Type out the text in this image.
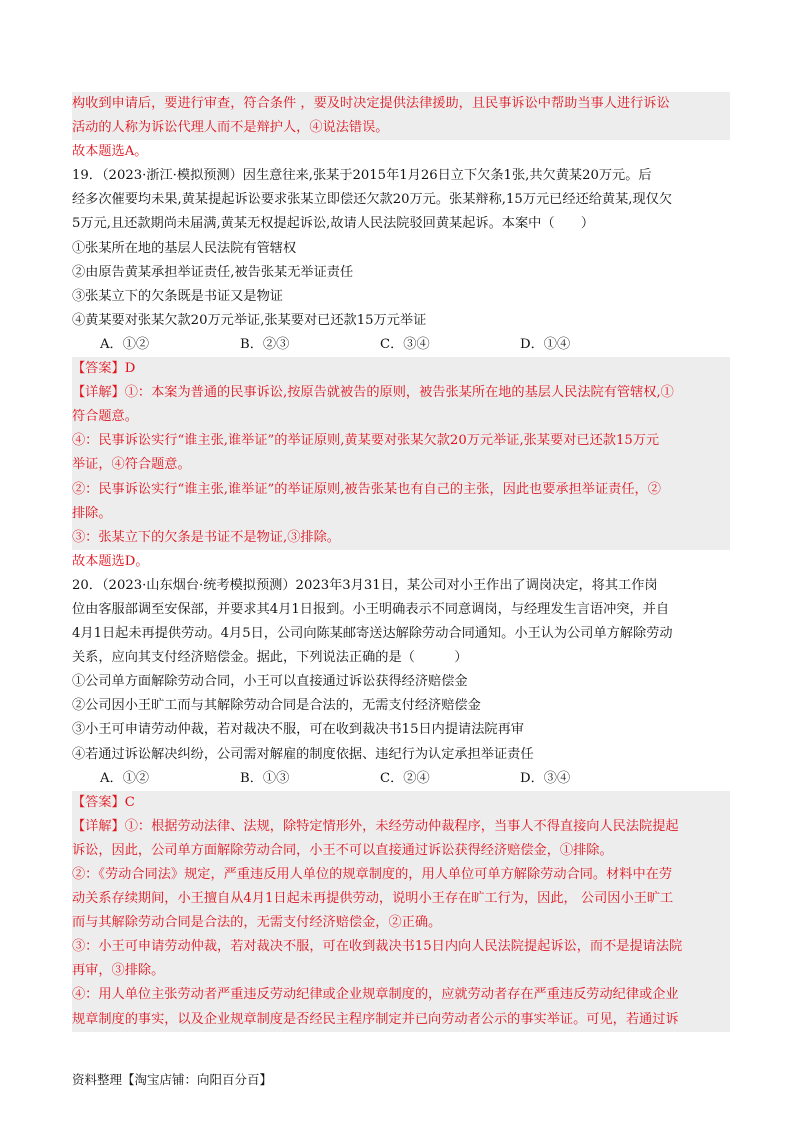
构收到申请后，要进行审查，符合条件 ，要及时决定提供法律援助，且民事诉讼中帮助当事人进行诉讼
活动的人称为诉讼代理人而不是辩护人，④说法错误。
故本题选A。
19．（2023·浙江·模拟预测）因生意往来,张某于2015年1月26日立下欠条1张,共欠黄某20万元。后
经多次催要均未果,黄某提起诉讼要求张某立即偿还欠款20万元。张某辩称,15万元已经还给黄某,现仅欠
5万元,且还款期尚未届满,黄某无权提起诉讼,故请人民法院驳回黄某起诉。本案中（　　）
①张某所在地的基层人民法院有管辖权
②由原告黄某承担举证责任,被告张某无举证责任
③张某立下的欠条既是书证又是物证
④黄某要对张某欠款20万元举证,张某要对已还款15万元举证
A．①②	B．②③	C．③④	D．①④
【答案】D
【详解】①：本案为普通的民事诉讼,按原告就被告的原则，被告张某所在地的基层人民法院有管辖权,①
符合题意。
④：民事诉讼实行“谁主张,谁举证”的举证原则,黄某要对张某欠款20万元举证,张某要对已还款15万元
举证，④符合题意。
②：民事诉讼实行“谁主张,谁举证”的举证原则,被告张某也有自己的主张，因此也要承担举证责任，②
排除。
③：张某立下的欠条是书证不是物证,③排除。
故本题选D。
20．（2023·山东烟台·统考模拟预测）2023年3月31日，某公司对小王作出了调岗决定，将其工作岗
位由客服部调至安保部，并要求其4月1日报到。小王明确表示不同意调岗，与经理发生言语冲突，并自
4月1日起未再提供劳动。4月5日，公司向陈某邮寄送达解除劳动合同通知。小王认为公司单方解除劳动
关系，应向其支付经济赔偿金。据此，下列说法正确的是（　　　）
①公司单方面解除劳动合同，小王可以直接通过诉讼获得经济赔偿金
②公司因小王旷工而与其解除劳动合同是合法的，无需支付经济赔偿金
③小王可申请劳动仲裁，若对裁决不服，可在收到裁决书15日内提请法院再审
④若通过诉讼解决纠纷，公司需对解雇的制度依据、违纪行为认定承担举证责任
A．①②	B．①③	C．②④	D．③④
【答案】C
【详解】①：根据劳动法律、法规，除特定情形外，未经劳动仲裁程序，当事人不得直接向人民法院提起
诉讼，因此，公司单方面解除劳动合同，小王不可以直接通过诉讼获得经济赔偿金，①排除。
②：《劳动合同法》规定，严重违反用人单位的规章制度的，用人单位可单方解除劳动合同。材料中在劳
动关系存续期间，小王擅自从4月1日起未再提供劳动，说明小王存在旷工行为，因此， 公司因小王旷工
而与其解除劳动合同是合法的，无需支付经济赔偿金，②正确。
③：小王可申请劳动仲裁，若对裁决不服，可在收到裁决书15日内向人民法院提起诉讼，而不是提请法院
再审，③排除。
④：用人单位主张劳动者严重违反劳动纪律或企业规章制度的，应就劳动者存在严重违反劳动纪律或企业
规章制度的事实，以及企业规章制度是否经民主程序制定并已向劳动者公示的事实举证。可见，若通过诉
资料整理【淘宝店铺：向阳百分百】
